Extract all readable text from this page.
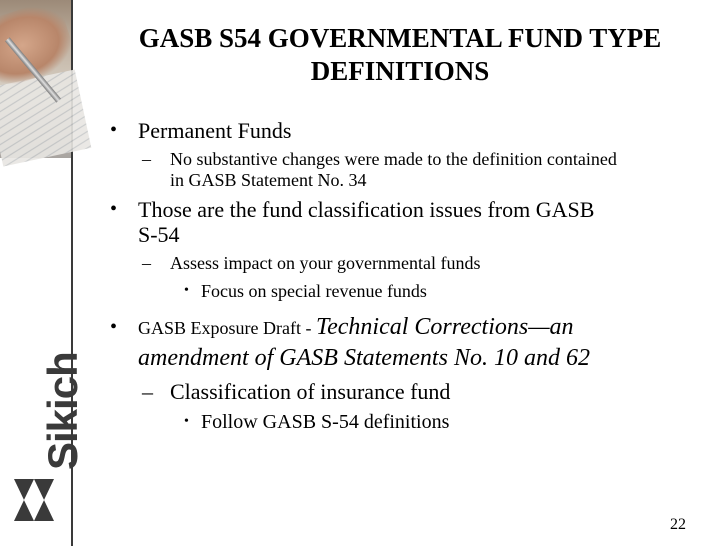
Sikich
GASB S54 GOVERNMENTAL FUND TYPE
DEFINITIONS
• Permanent Funds
– No substantive changes were made to the definition contained
in GASB Statement No. 34
• Those are the fund classification issues from GASB
S-54
– Assess impact on your governmental funds
• Focus on special revenue funds
• GASB Exposure Draft - Technical Corrections—an
amendment of GASB Statements No. 10 and 62
– Classification of insurance fund
• Follow GASB S-54 definitions
22
